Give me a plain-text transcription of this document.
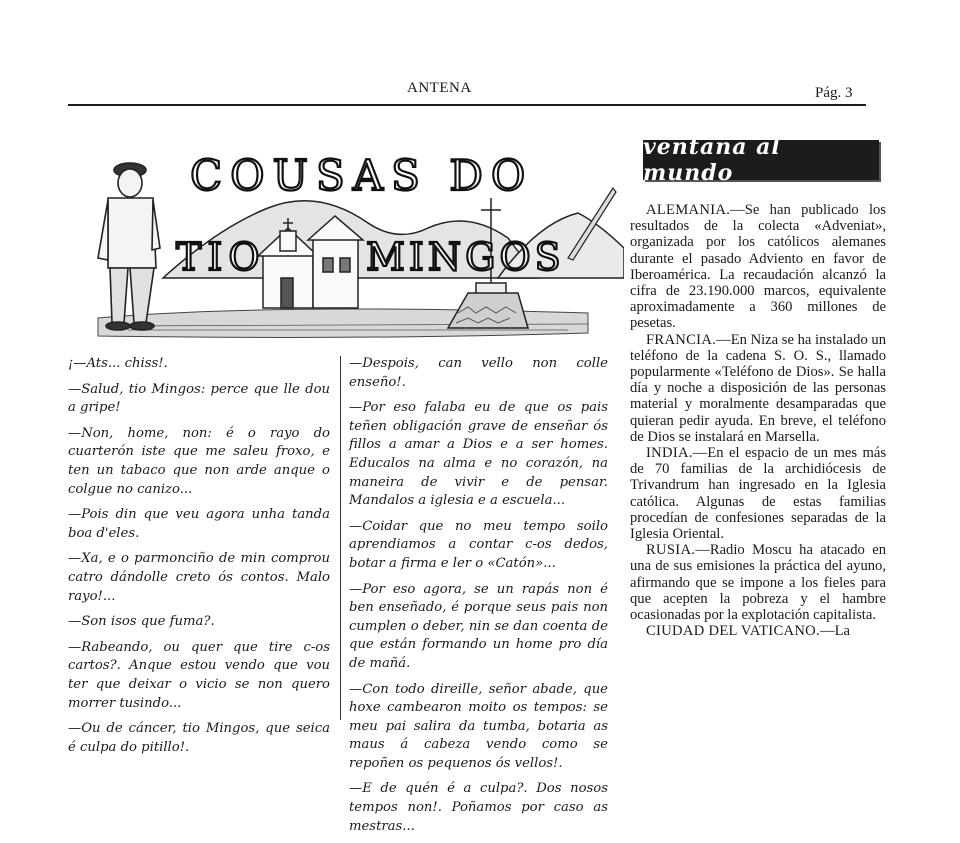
ANTENA	Pág. 3
COUSAS DO
TIO	MINGOS

¡—Ats... chiss!.

—Salud, tio Mingos: perce que lle dou a gripe!

—Non, home, non: é o rayo do cuarterón iste que me saleu froxo, e ten un tabaco que non arde anque o colgue no canizo...

—Pois din que veu agora unha tanda boa d'eles.

—Xa, e o parmonciño de min comprou catro dándolle creto ós contos. Malo rayo!...

—Son isos que fuma?.

—Rabeando, ou quer que tire c-os cartos?. Anque estou vendo que vou ter que deixar o vicio se non quero morrer tusindo...

—Ou de cáncer, tio Mingos, que seica é culpa do pitillo!.

—Despois, can vello non colle enseño!.

—Por eso falaba eu de que os pais teñen obligación grave de enseñar ós fillos a amar a Dios e a ser homes. Educalos na alma e no corazón, na maneira de vivir e de pensar. Mandalos a iglesia e a escuela...

—Coidar que no meu tempo soilo aprendiamos a contar c-os dedos, botar a firma e ler o «Catón»...

—Por eso agora, se un rapás non é ben enseñado, é porque seus pais non cumplen o deber, nin se dan coenta de que están formando un home pro día de mañá.

—Con todo direille, señor abade, que hoxe cambearon moito os tempos: se meu pai salira da tumba, botaria as maus á cabeza vendo como se repoñen os pequenos ós vellos!.

—E de quén é a culpa?. Dos nosos tempos non!. Poñamos por caso as mestras...

ventana al mundo

ALEMANIA.—Se han publicado los resultados de la colecta «Adveniat», organizada por los católicos alemanes durante el pasado Adviento en favor de Iberoamérica. La recaudación alcanzó la cifra de 23.190.000 marcos, equivalente aproximadamente a 360 millones de pesetas.

FRANCIA.—En Niza se ha instalado un teléfono de la cadena S. O. S., llamado popularmente «Teléfono de Dios». Se halla día y noche a disposición de las personas material y moralmente desamparadas que quieran pedir ayuda. En breve, el teléfono de Dios se instalará en Marsella.

INDIA.—En el espacio de un mes más de 70 familias de la archidiócesis de Trivandrum han ingresado en la Iglesia católica. Algunas de estas familias procedían de confesiones separadas de la Iglesia Oriental.

RUSIA.—Radio Moscu ha atacado en una de sus emisiones la práctica del ayuno, afirmando que se impone a los fieles para que acepten la pobreza y el hambre ocasionadas por la explotación capitalista.

CIUDAD DEL VATICANO.—La
